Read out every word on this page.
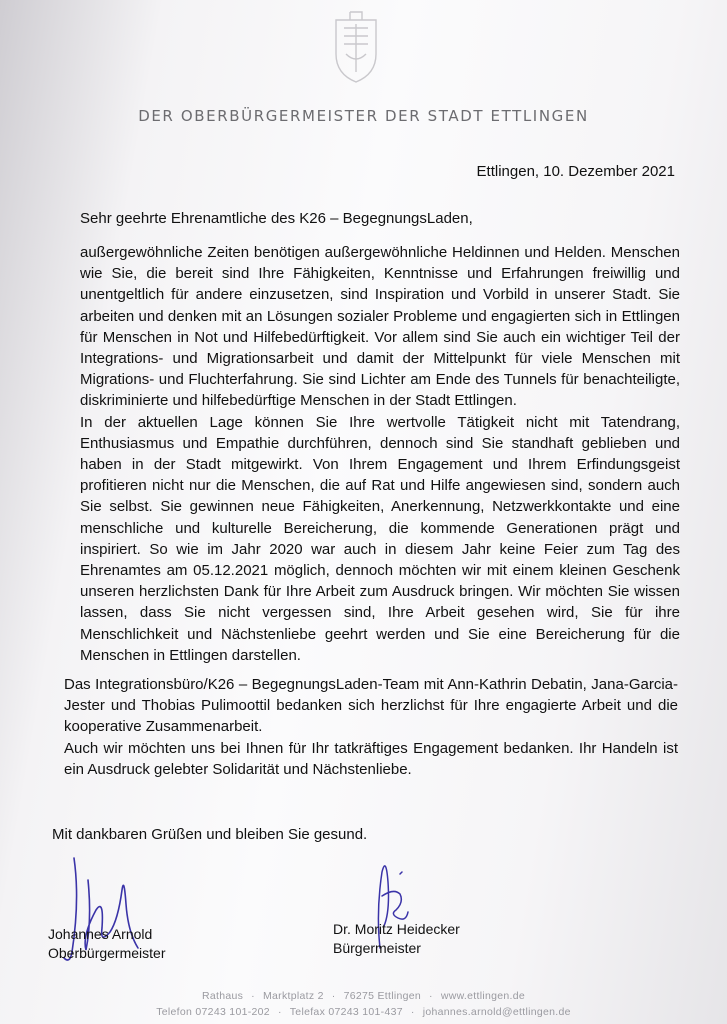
DER OBERBÜRGERMEISTER DER STADT ETTLINGEN
Ettlingen, 10. Dezember 2021
Sehr geehrte Ehrenamtliche des K26 – BegegnungsLaden,
außergewöhnliche Zeiten benötigen außergewöhnliche Heldinnen und Helden. Menschen wie Sie, die bereit sind Ihre Fähigkeiten, Kenntnisse und Erfahrungen freiwillig und unentgeltlich für andere einzusetzen, sind Inspiration und Vorbild in unserer Stadt. Sie arbeiten und denken mit an Lösungen sozialer Probleme und engagierten sich in Ettlingen für Menschen in Not und Hilfebedürftigkeit. Vor allem sind Sie auch ein wichtiger Teil der Integrations- und Migrationsarbeit und damit der Mittelpunkt für viele Menschen mit Migrations- und Fluchterfahrung. Sie sind Lichter am Ende des Tunnels für benachteiligte, diskriminierte und hilfebedürftige Menschen in der Stadt Ettlingen.
In der aktuellen Lage können Sie Ihre wertvolle Tätigkeit nicht mit Tatendrang, Enthusiasmus und Empathie durchführen, dennoch sind Sie standhaft geblieben und haben in der Stadt mitgewirkt. Von Ihrem Engagement und Ihrem Erfindungsgeist profitieren nicht nur die Menschen, die auf Rat und Hilfe angewiesen sind, sondern auch Sie selbst. Sie gewinnen neue Fähigkeiten, Anerkennung, Netzwerkkontakte und eine menschliche und kulturelle Bereicherung, die kommende Generationen prägt und inspiriert. So wie im Jahr 2020 war auch in diesem Jahr keine Feier zum Tag des Ehrenamtes am 05.12.2021 möglich, dennoch möchten wir mit einem kleinen Geschenk unseren herzlichsten Dank für Ihre Arbeit zum Ausdruck bringen. Wir möchten Sie wissen lassen, dass Sie nicht vergessen sind, Ihre Arbeit gesehen wird, Sie für ihre Menschlichkeit und Nächstenliebe geehrt werden und Sie eine Bereicherung für die Menschen in Ettlingen darstellen.
Das Integrationsbüro/K26 – BegegnungsLaden-Team mit Ann-Kathrin Debatin, Jana-Garcia-Jester und Thobias Pulimoottil bedanken sich herzlichst für Ihre engagierte Arbeit und die kooperative Zusammenarbeit.
Auch wir möchten uns bei Ihnen für Ihr tatkräftiges Engagement bedanken. Ihr Handeln ist ein Ausdruck gelebter Solidarität und Nächstenliebe.
Mit dankbaren Grüßen und bleiben Sie gesund.
Johannes Arnold
Oberbürgermeister
Dr. Moritz Heidecker
Bürgermeister
Rathaus · Marktplatz 2 · 76275 Ettlingen · www.ettlingen.de
Telefon 07243 101-202 · Telefax 07243 101-437 · johannes.arnold@ettlingen.de
